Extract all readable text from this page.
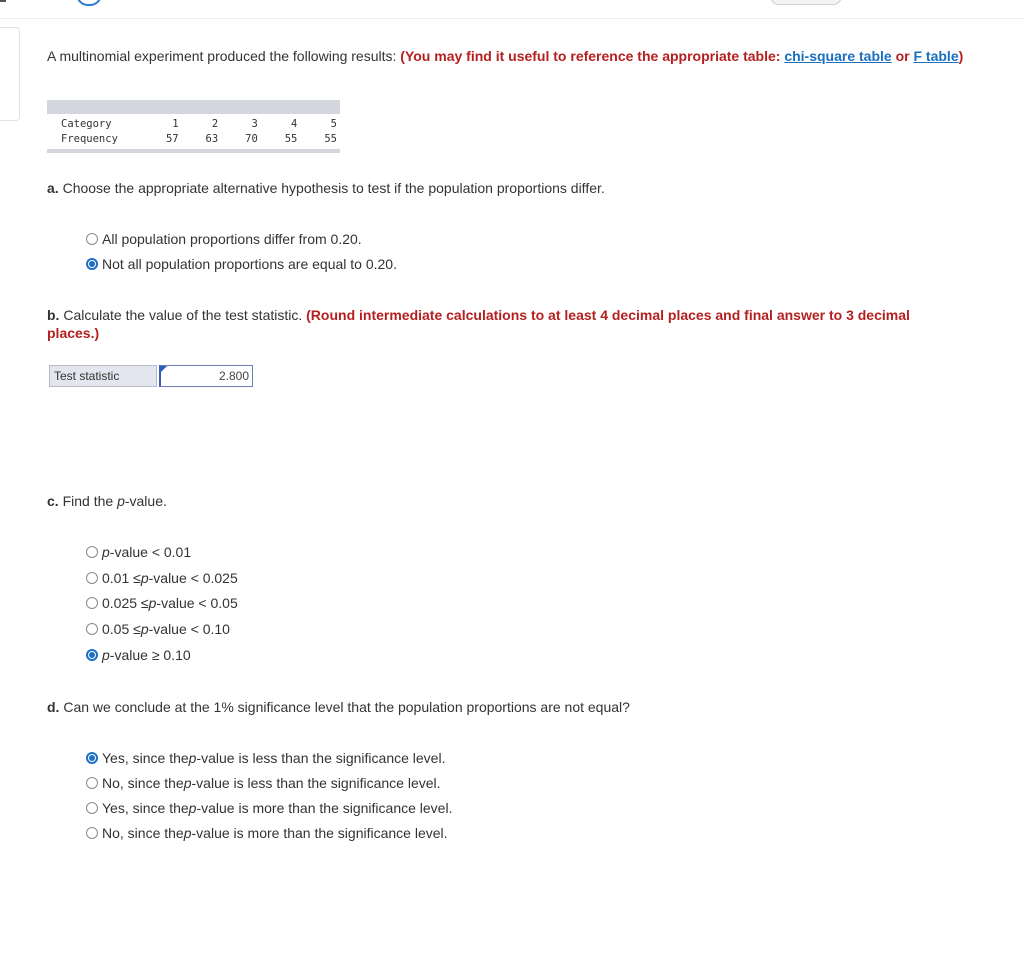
A multinomial experiment produced the following results: (You may find it useful to reference the appropriate table: chi-square table or F table)

Category	1	2	3	4	5
Frequency	57	63	70	55	55

a. Choose the appropriate alternative hypothesis to test if the population proportions differ.
All population proportions differ from 0.20.
Not all population proportions are equal to 0.20.
b. Calculate the value of the test statistic. (Round intermediate calculations to at least 4 decimal places and final answer to 3 decimal places.)
Test statistic	2.800
c. Find the p-value.
p -value < 0.01
0.01 ≤ p -value < 0.025
0.025 ≤ p -value < 0.05
0.05 ≤ p -value < 0.10
p -value ≥ 0.10
d. Can we conclude at the 1% significance level that the population proportions are not equal?
Yes, since the p -value is less than the significance level.
No, since the p -value is less than the significance level.
Yes, since the p -value is more than the significance level.
No, since the p -value is more than the significance level.
